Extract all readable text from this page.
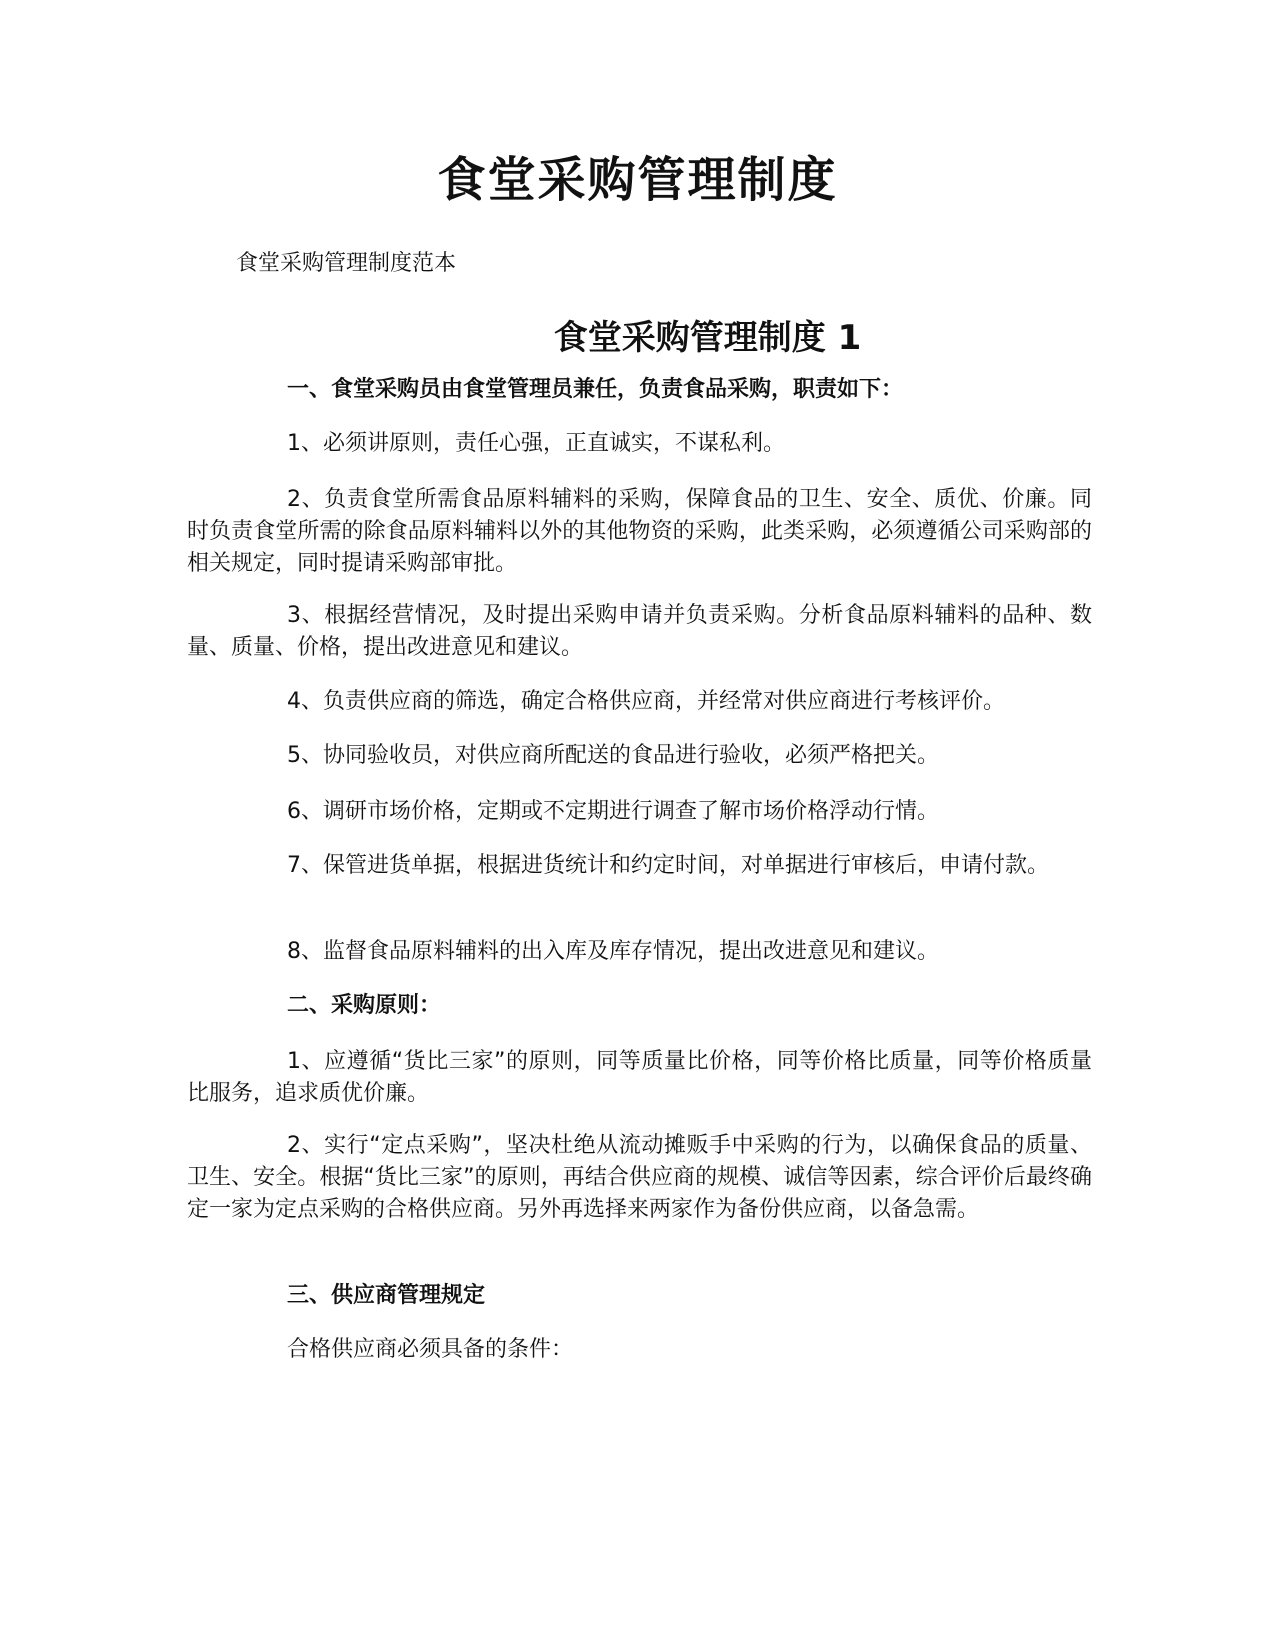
食堂采购管理制度

食堂采购管理制度范本

食堂采购管理制度 1

一、食堂采购员由食堂管理员兼任，负责食品采购，职责如下：

1、必须讲原则，责任心强，正直诚实，不谋私利。

2、负责食堂所需食品原料辅料的采购，保障食品的卫生、安全、质优、价廉。同时负责食堂所需的除食品原料辅料以外的其他物资的采购，此类采购，必须遵循公司采购部的相关规定，同时提请采购部审批。

3、根据经营情况，及时提出采购申请并负责采购。分析食品原料辅料的品种、数量、质量、价格，提出改进意见和建议。

4、负责供应商的筛选，确定合格供应商，并经常对供应商进行考核评价。

5、协同验收员，对供应商所配送的食品进行验收，必须严格把关。

6、调研市场价格，定期或不定期进行调查了解市场价格浮动行情。

7、保管进货单据，根据进货统计和约定时间，对单据进行审核后，申请付款。

8、监督食品原料辅料的出入库及库存情况，提出改进意见和建议。

二、采购原则：

1、应遵循“货比三家”的原则，同等质量比价格，同等价格比质量，同等价格质量比服务，追求质优价廉。

2、实行“定点采购”，坚决杜绝从流动摊贩手中采购的行为，以确保食品的质量、卫生、安全。根据“货比三家”的原则，再结合供应商的规模、诚信等因素，综合评价后最终确定一家为定点采购的合格供应商。另外再选择来两家作为备份供应商，以备急需。

三、供应商管理规定

合格供应商必须具备的条件：
